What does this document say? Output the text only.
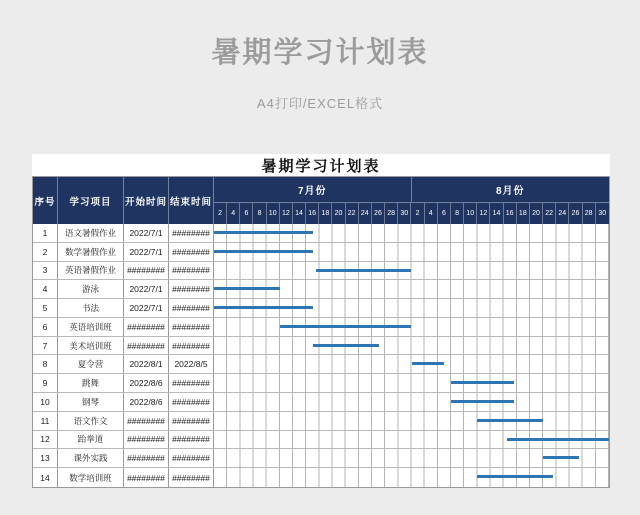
暑期学习计划表
A4打印/EXCEL格式
暑期学习计划表
序号	学习项目	开始时间 结束时间
7月份	8月份
2	4	6	8	10 12 14 16 18 20 22 24 26 28 30	2	4	6	8	10 12 14 16 18 20 22 24 26 28 30
1	语文暑假作业	2022/7/1	########
2	数学暑假作业	2022/7/1	########
3	英语暑假作业	######## ########
4	游泳	2022/7/1	########
5	书法	2022/7/1	########
6	英语培训班	######## ########
7	美术培训班	######## ########
8	夏令营	2022/8/1	2022/8/5
9	跳舞	2022/8/6	########
10	钢琴	2022/8/6	########
11	语文作文	######## ########
12	跆拳道	######## ########
13	课外实践	######## ########
14	数学培训班	######## ########
